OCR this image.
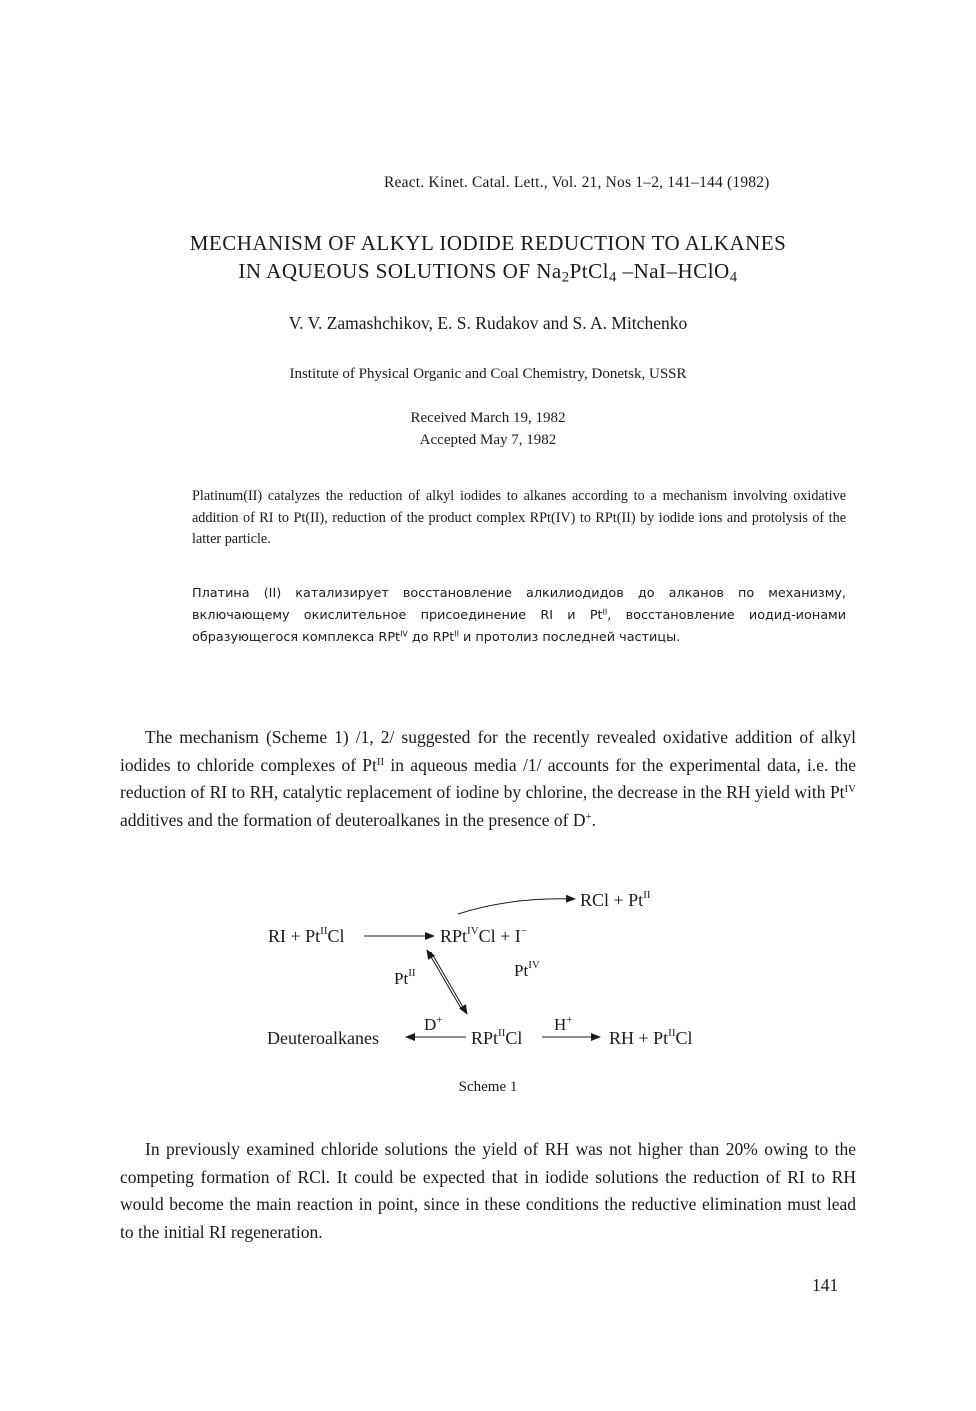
React. Kinet. Catal. Lett., Vol. 21, Nos 1–2, 141–144 (1982)
MECHANISM OF ALKYL IODIDE REDUCTION TO ALKANES
IN AQUEOUS SOLUTIONS OF $Na_2PtCl_4$ –NaI–HClO$_4$
V. V. Zamashchikov, E. S. Rudakov and S. A. Mitchenko
Institute of Physical Organic and Coal Chemistry, Donetsk, USSR
Received March 19, 1982
Accepted May 7, 1982
Platinum(II) catalyzes the reduction of alkyl iodides to alkanes according to a mechanism involving oxidative addition of RI to Pt(II), reduction of the product complex RPt(IV) to RPt(II) by iodide ions and protolysis of the latter particle.
Платина (II) катализирует восстановление алкилиодидов до алканов по механизму, включающему окислительное присоединение RI и $Pt^{II}$, восстановление иодид-ионами образующегося комплекса RPt$^{IV}$ до RPt$^{II}$ и протолиз последней частицы.
The mechanism (Scheme 1) /1, 2/ suggested for the recently revealed oxidative addition of alkyl iodides to chloride complexes of $Pt^{II}$ in aqueous media /1/ accounts for the experimental data, i.e. the reduction of RI to RH, catalytic replacement of iodine by chlorine, the decrease in the RH yield with $Pt^{IV}$ additives and the formation of deuteroalkanes in the presence of D+.
RCl + $Pt^{II}$
RI + $Pt^{II}Cl$	RPt$^{IV}$Cl + I−
$Pt^{II}$	$Pt^{IV}$
Deuteroalkanes
D+
RPt$^{II}$Cl
H+
RH + $Pt^{II}Cl$
Scheme 1
In previously examined chloride solutions the yield of RH was not higher than 20% owing to the competing formation of RCl. It could be expected that in iodide solutions the reduction of RI to RH would become the main reaction in point, since in these conditions the reductive elimination must lead to the initial RI regeneration.
141
